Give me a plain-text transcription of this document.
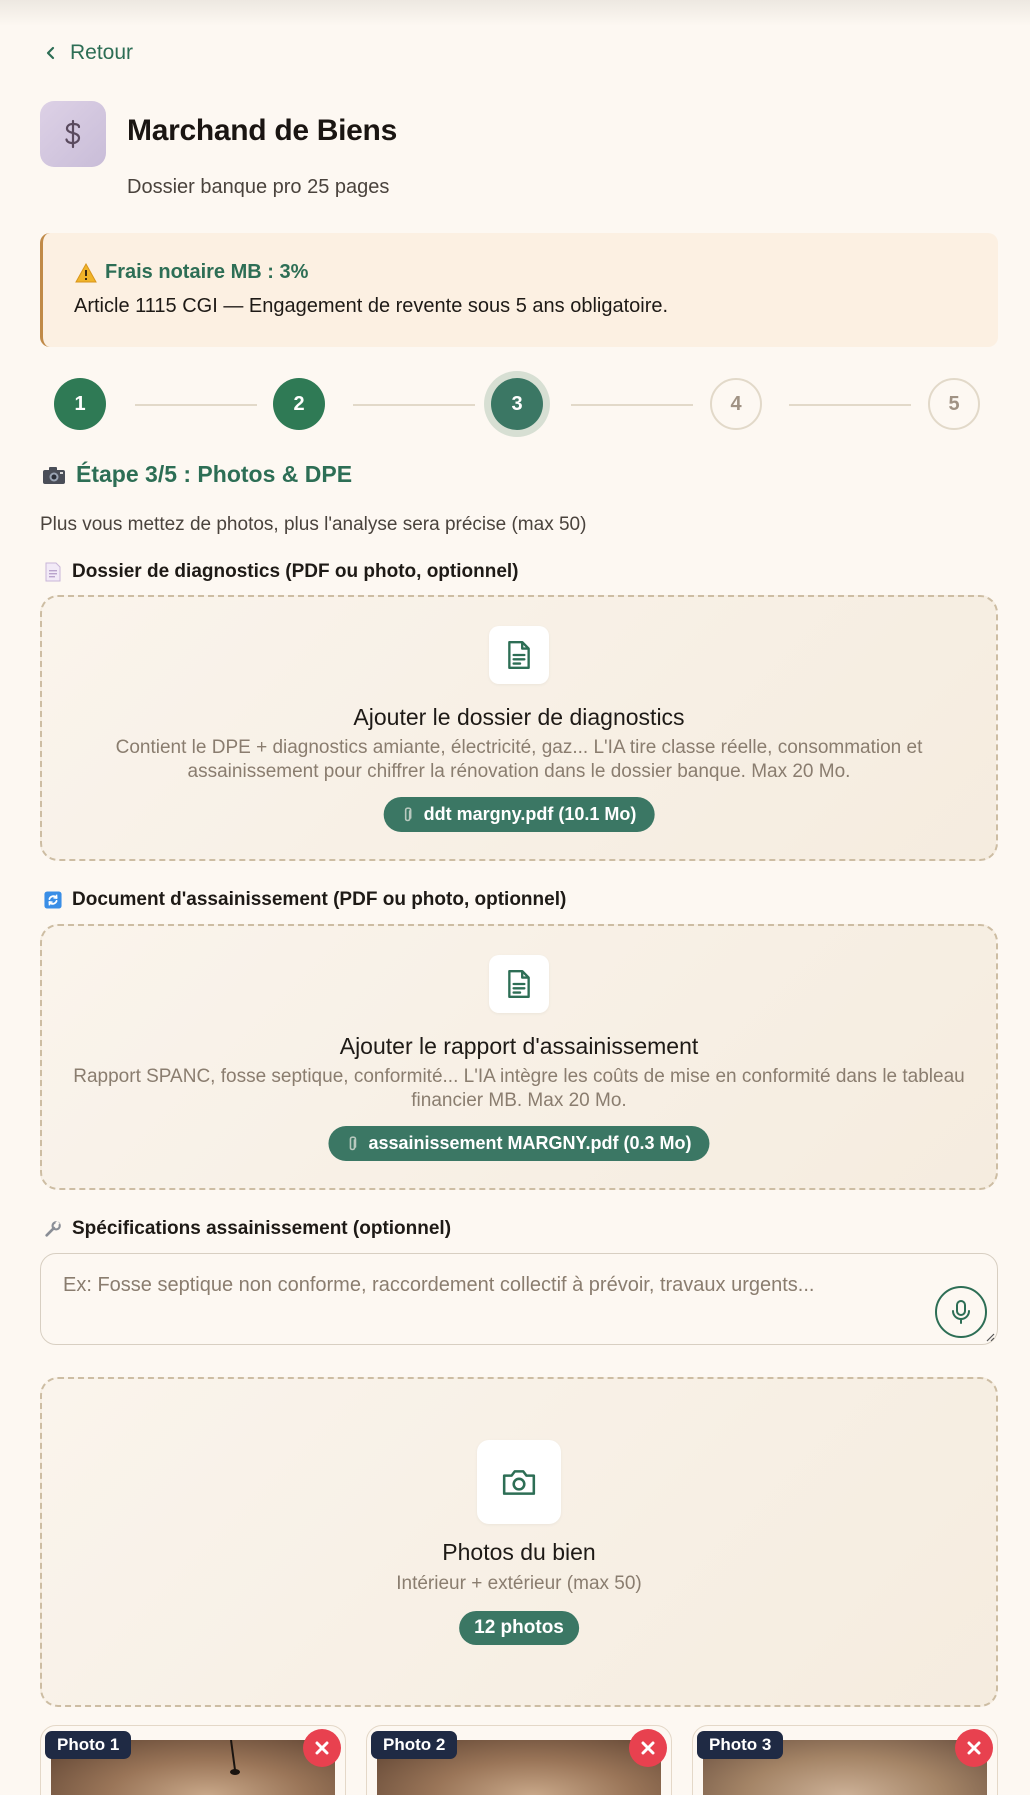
Retour
Marchand de Biens
Dossier banque pro 25 pages
Frais notaire MB : 3%
Article 1115 CGI — Engagement de revente sous 5 ans obligatoire.
1	2	3	4	5
Étape 3/5 : Photos & DPE
Plus vous mettez de photos, plus l'analyse sera précise (max 50)
Dossier de diagnostics (PDF ou photo, optionnel)
Ajouter le dossier de diagnostics
Contient le DPE + diagnostics amiante, électricité, gaz... L'IA tire classe réelle, consommation et assainissement pour chiffrer la rénovation dans le dossier banque. Max 20 Mo.
ddt margny.pdf (10.1 Mo)
Document d'assainissement (PDF ou photo, optionnel)
Ajouter le rapport d'assainissement
Rapport SPANC, fosse septique, conformité... L'IA intègre les coûts de mise en conformité dans le tableau financier MB. Max 20 Mo.
assainissement MARGNY.pdf (0.3 Mo)
Spécifications assainissement (optionnel)
Ex: Fosse septique non conforme, raccordement collectif à prévoir, travaux urgents...
Photos du bien
Intérieur + extérieur (max 50)
12 photos
Photo 1	Photo 2	Photo 3
